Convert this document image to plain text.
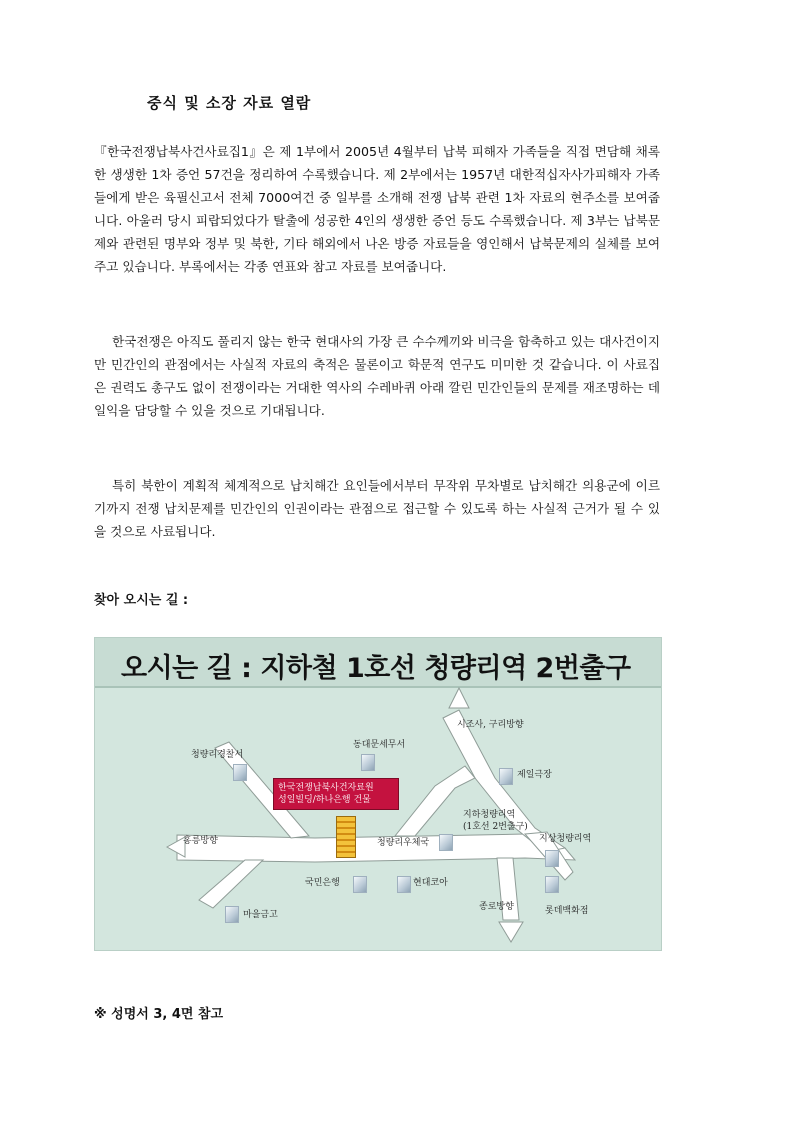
중식 및 소장 자료 열람

『한국전쟁납북사건사료집1』은 제 1부에서 2005년 4월부터 납북 피해자 가족들을 직접 면담해 채록한 생생한 1차 증언 57건을 정리하여 수록했습니다. 제 2부에서는 1957년 대한적십자사가피해자 가족들에게 받은 육필신고서 전체 7000여건 중 일부를 소개해 전쟁 납북 관련 1차 자료의 현주소를 보여줍니다. 아울러 당시 피랍되었다가 탈출에 성공한 4인의 생생한 증언 등도 수록했습니다. 제 3부는 납북문제와 관련된 명부와 정부 및 북한, 기타 해외에서 나온 방증 자료들을 영인해서 납북문제의 실체를 보여주고 있습니다. 부록에서는 각종 연표와 참고 자료를 보여줍니다.

한국전쟁은 아직도 풀리지 않는 한국 현대사의 가장 큰 수수께끼와 비극을 함축하고 있는 대사건이지만 민간인의 관점에서는 사실적 자료의 축적은 물론이고 학문적 연구도 미미한 것 같습니다. 이 사료집은 권력도 총구도 없이 전쟁이라는 거대한 역사의 수레바퀴 아래 깔린 민간인들의 문제를 재조명하는 데 일익을 담당할 수 있을 것으로 기대됩니다.

특히 북한이 계획적 체계적으로 납치해간 요인들에서부터 무작위 무차별로 납치해간 의용군에 이르기까지 전쟁 납치문제를 민간인의 인권이라는 관점으로 접근할 수 있도록 하는 사실적 근거가 될 수 있을 것으로 사료됩니다.

찾아 오시는 길 :
오시는 길 : 지하철 1호선 청량리역 2번출구
시조사, 구리방향
동대문세무서
청량리경찰서
제일극장
지하청량리역
(1호선 2번출구)
지상청량리역
홍릉방향	청량리우체국
국민은행	현대코아
종로방향	롯데백화점
마을금고
한국전쟁납북사건자료원
성일빌딩/하나은행 건물
※ 성명서 3, 4면 참고
